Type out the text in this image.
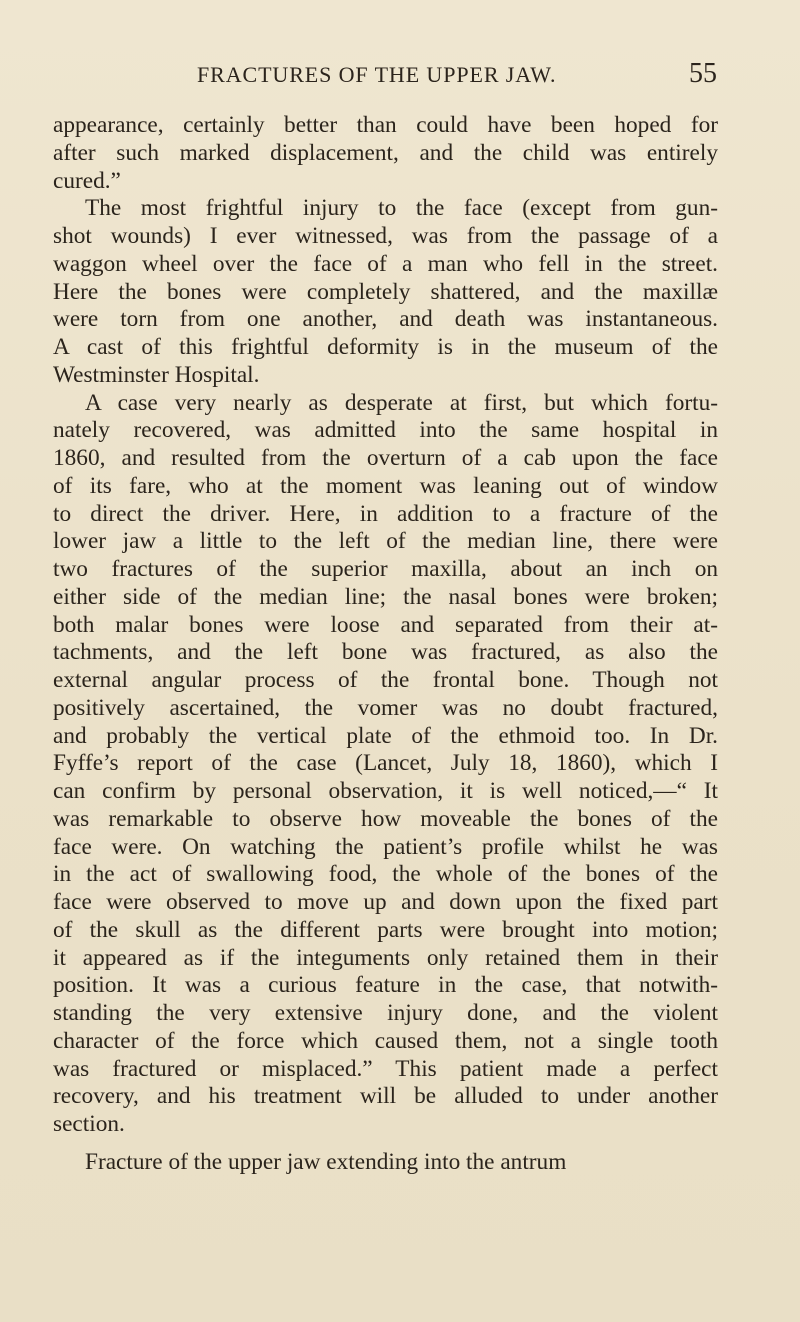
FRACTURES OF THE UPPER JAW.	55
appearance, certainly better than could have been hoped for
after such marked displacement, and the child was entirely
cured.”
The most frightful injury to the face (except from gun-
shot wounds) I ever witnessed, was from the passage of a
waggon wheel over the face of a man who fell in the street.
Here the bones were completely shattered, and the maxillæ
were torn from one another, and death was instantaneous.
A cast of this frightful deformity is in the museum of the
Westminster Hospital.
A case very nearly as desperate at first, but which fortu-
nately recovered, was admitted into the same hospital in
1860, and resulted from the overturn of a cab upon the face
of its fare, who at the moment was leaning out of window
to direct the driver. Here, in addition to a fracture of the
lower jaw a little to the left of the median line, there were
two fractures of the superior maxilla, about an inch on
either side of the median line; the nasal bones were broken;
both malar bones were loose and separated from their at-
tachments, and the left bone was fractured, as also the
external angular process of the frontal bone. Though not
positively ascertained, the vomer was no doubt fractured,
and probably the vertical plate of the ethmoid too. In Dr.
Fyffe’s report of the case (Lancet, July 18, 1860), which I
can confirm by personal observation, it is well noticed,—“ It
was remarkable to observe how moveable the bones of the
face were. On watching the patient’s profile whilst he was
in the act of swallowing food, the whole of the bones of the
face were observed to move up and down upon the fixed part
of the skull as the different parts were brought into motion;
it appeared as if the integuments only retained them in their
position. It was a curious feature in the case, that notwith-
standing the very extensive injury done, and the violent
character of the force which caused them, not a single tooth
was fractured or misplaced.” This patient made a perfect
recovery, and his treatment will be alluded to under another
section.
Fracture of the upper jaw extending into the antrum
